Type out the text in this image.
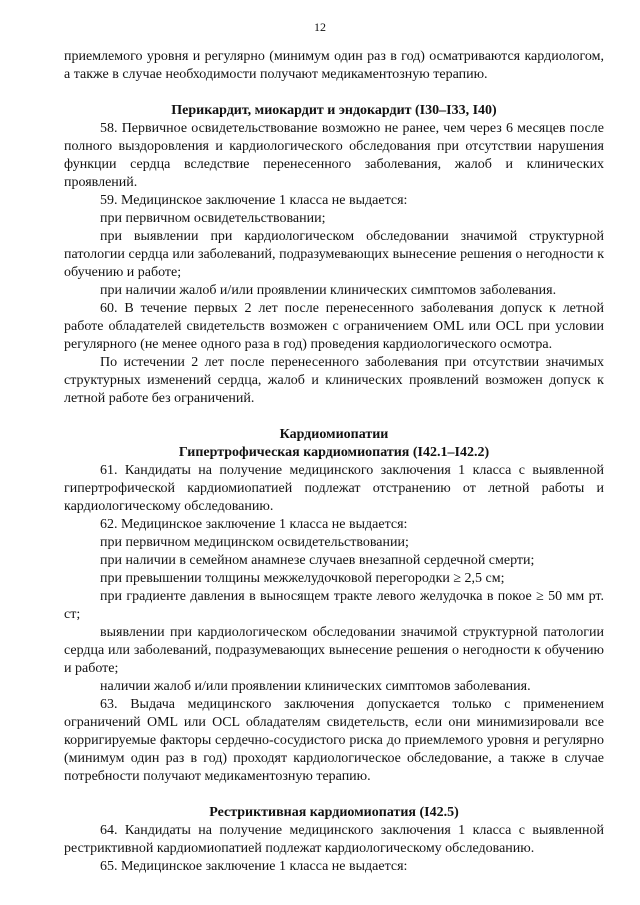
12

приемлемого уровня и регулярно (минимум один раз в год) осматриваются кардиологом, а также в случае необходимости получают медикаментозную терапию.

Перикардит, миокардит и эндокардит (I30–I33, I40)

58. Первичное освидетельствование возможно не ранее, чем через 6 месяцев после полного выздоровления и кардиологического обследования при отсутствии нарушения функции сердца вследствие перенесенного заболевания, жалоб и клинических проявлений.

59. Медицинское заключение 1 класса не выдается:

при первичном освидетельствовании;

при выявлении при кардиологическом обследовании значимой структурной патологии сердца или заболеваний, подразумевающих вынесение решения о негодности к обучению и работе;

при наличии жалоб и/или проявлении клинических симптомов заболевания.

60. В течение первых 2 лет после перенесенного заболевания допуск к летной работе обладателей свидетельств возможен с ограничением OML или OCL при условии регулярного (не менее одного раза в год) проведения кардиологического осмотра.

По истечении 2 лет после перенесенного заболевания при отсутствии значимых структурных изменений сердца, жалоб и клинических проявлений возможен допуск к летной работе без ограничений.

Кардиомиопатии
Гипертрофическая кардиомиопатия (I42.1–I42.2)

61. Кандидаты на получение медицинского заключения 1 класса с выявленной гипертрофической кардиомиопатией подлежат отстранению от летной работы и кардиологическому обследованию.

62. Медицинское заключение 1 класса не выдается:

при первичном медицинском освидетельствовании;

при наличии в семейном анамнезе случаев внезапной сердечной смерти;

при превышении толщины межжелудочковой перегородки ≥ 2,5 см;

при градиенте давления в выносящем тракте левого желудочка в покое ≥ 50 мм рт. ст;

выявлении при кардиологическом обследовании значимой структурной патологии сердца или заболеваний, подразумевающих вынесение решения о негодности к обучению и работе;

наличии жалоб и/или проявлении клинических симптомов заболевания.

63. Выдача медицинского заключения допускается только с применением ограничений OML или OCL обладателям свидетельств, если они минимизировали все корригируемые факторы сердечно-сосудистого риска до приемлемого уровня и регулярно (минимум один раз в год) проходят кардиологическое обследование, а также в случае потребности получают медикаментозную терапию.

Рестриктивная кардиомиопатия (I42.5)

64. Кандидаты на получение медицинского заключения 1 класса с выявленной рестриктивной кардиомиопатией подлежат кардиологическому обследованию.

65. Медицинское заключение 1 класса не выдается:
